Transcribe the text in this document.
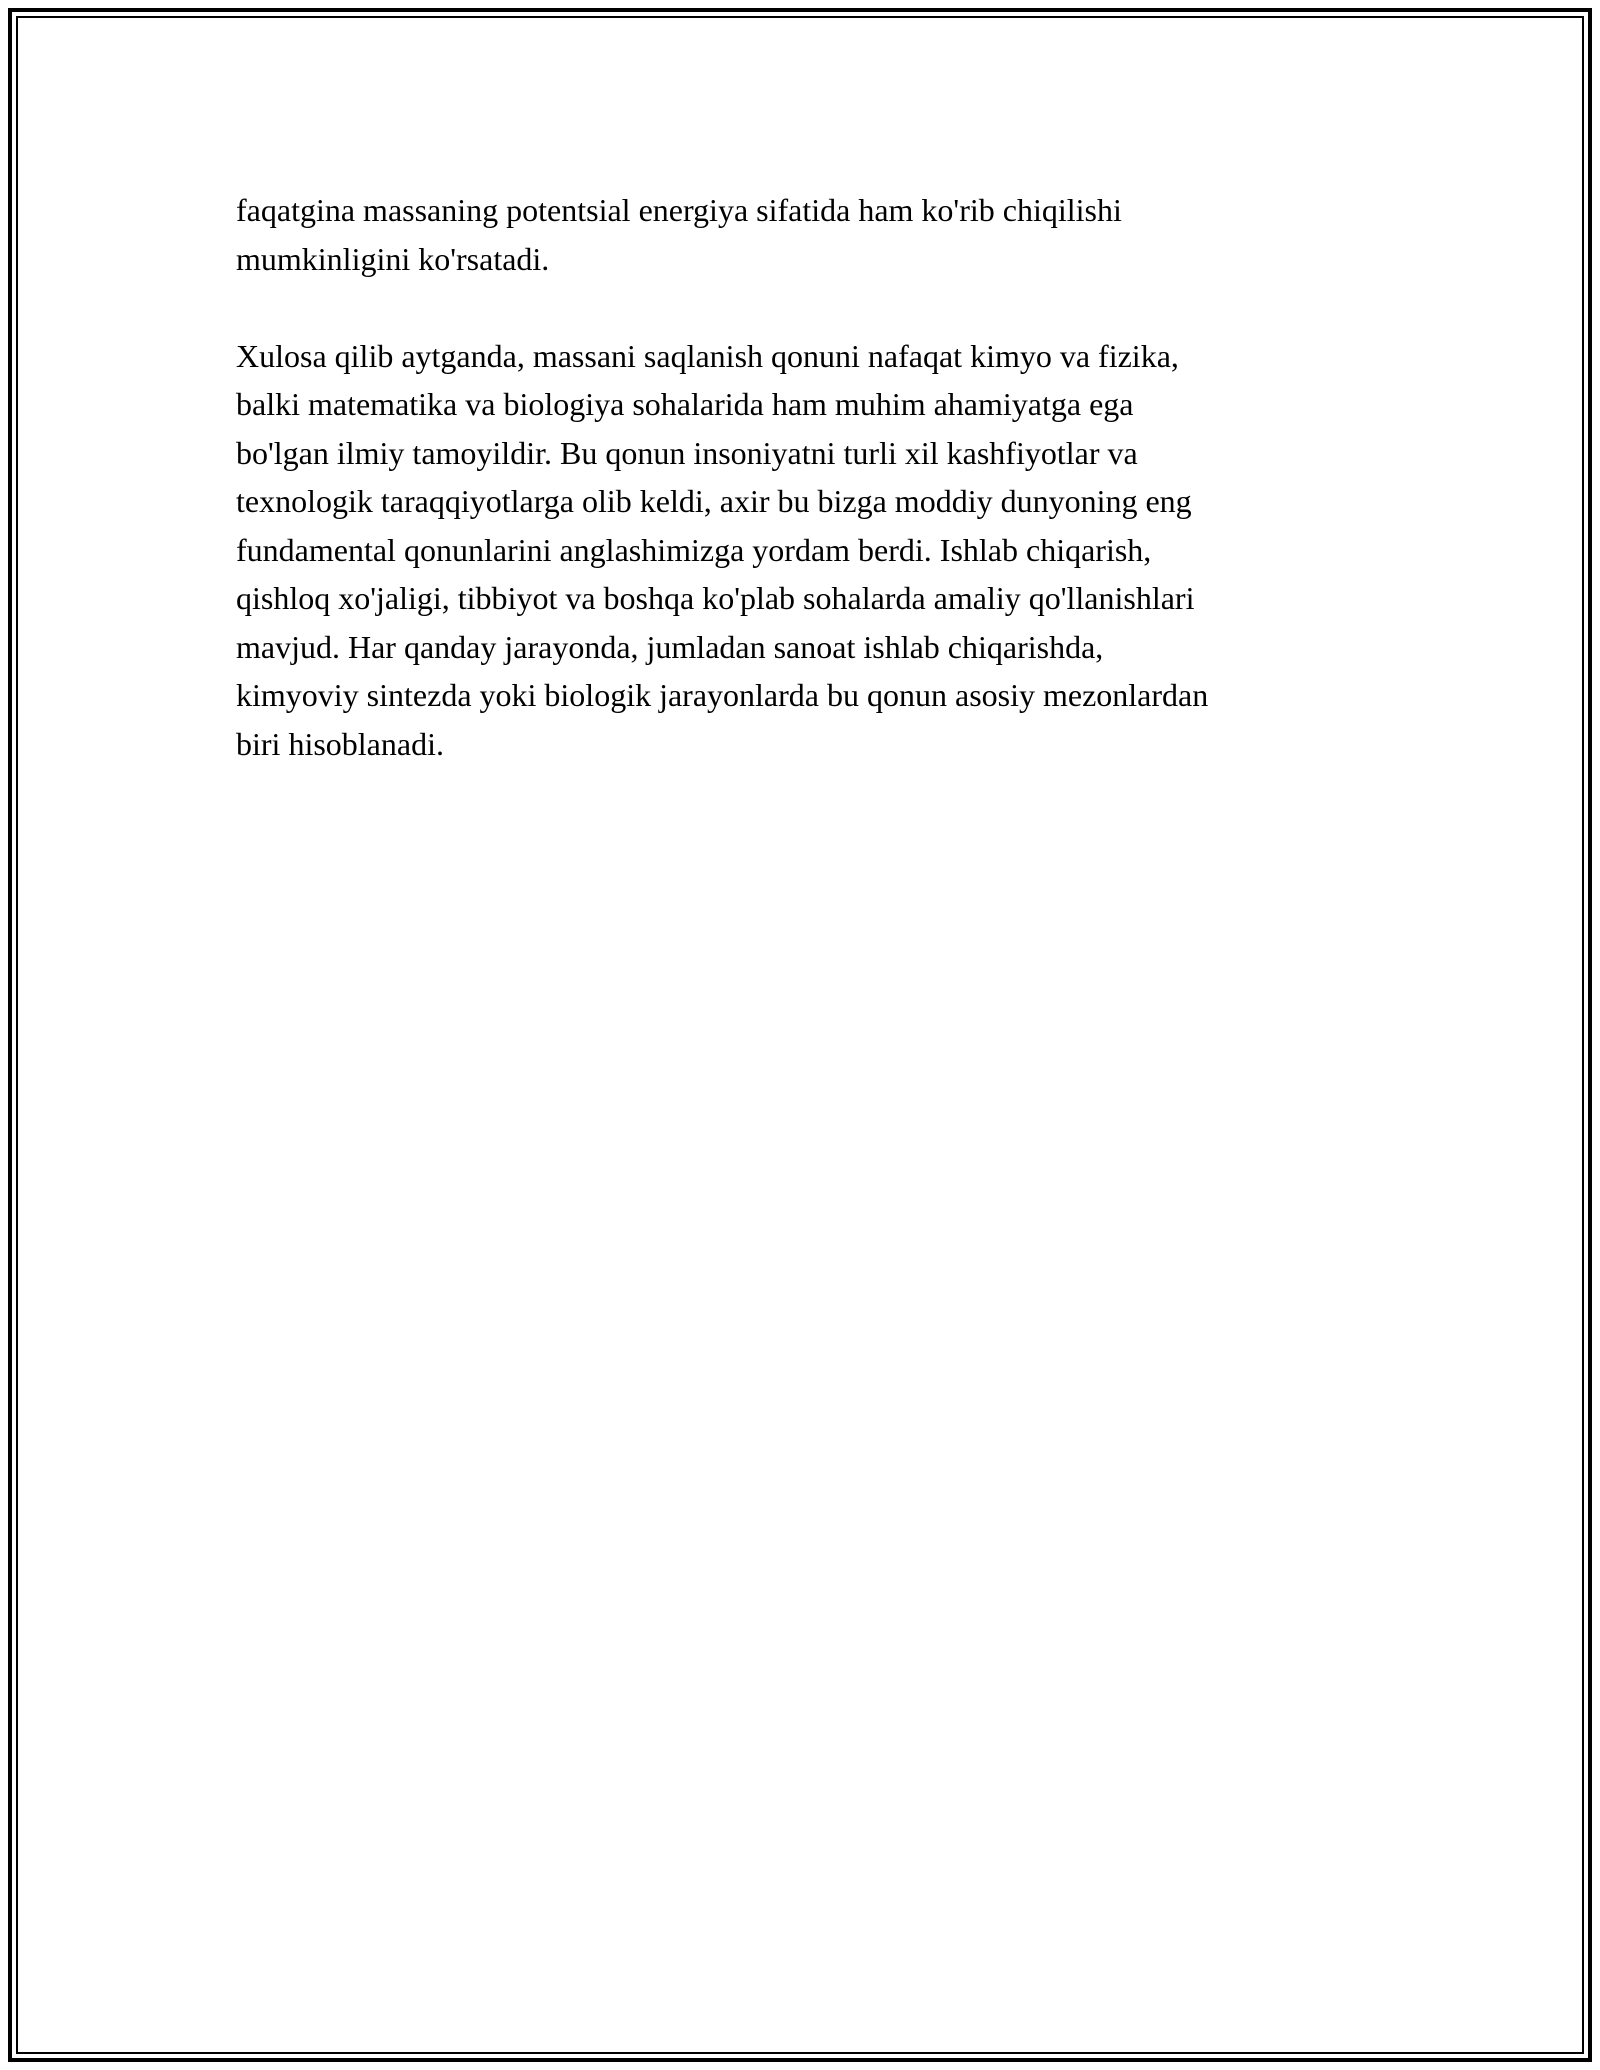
faqatgina massaning potentsial energiya sifatida ham ko'rib chiqilishi

mumkinligini ko'rsatadi.

Xulosa qilib aytganda, massani saqlanish qonuni nafaqat kimyo va fizika,

balki matematika va biologiya sohalarida ham muhim ahamiyatga ega

bo'lgan ilmiy tamoyildir. Bu qonun insoniyatni turli xil kashfiyotlar va

texnologik taraqqiyotlarga olib keldi, axir bu bizga moddiy dunyoning eng

fundamental qonunlarini anglashimizga yordam berdi. Ishlab chiqarish,

qishloq xo'jaligi, tibbiyot va boshqa ko'plab sohalarda amaliy qo'llanishlari

mavjud. Har qanday jarayonda, jumladan sanoat ishlab chiqarishda,

kimyoviy sintezda yoki biologik jarayonlarda bu qonun asosiy mezonlardan

biri hisoblanadi.
